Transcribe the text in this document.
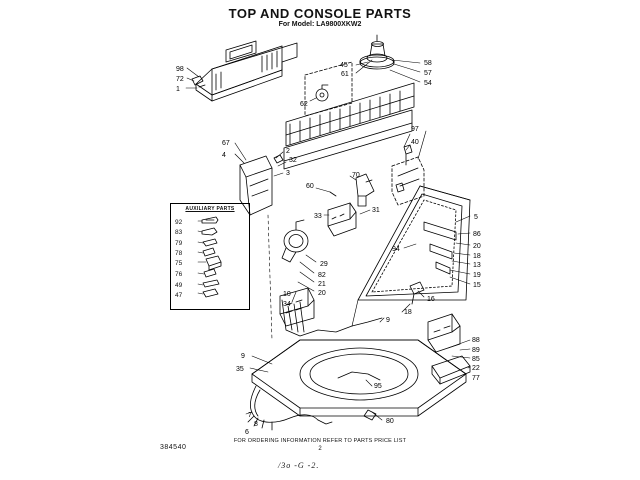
TOP AND CONSOLE PARTS
For Model: LA9800XKW2
AUXILIARY PARTS
92
83
79
78
75
76
49
47
98
72
1
45
61
58
57
54
62
67
4
2
32
3	70
97
40
60
33
31
5
86
20
18
13
19
15
94
29
82
21
20
10
34
16
18
9
88
89
85
22
77
9
35
95
80
7
8
6
FOR ORDERING INFORMATION REFER TO PARTS PRICE LIST
2
384540
/3o -G -2.
